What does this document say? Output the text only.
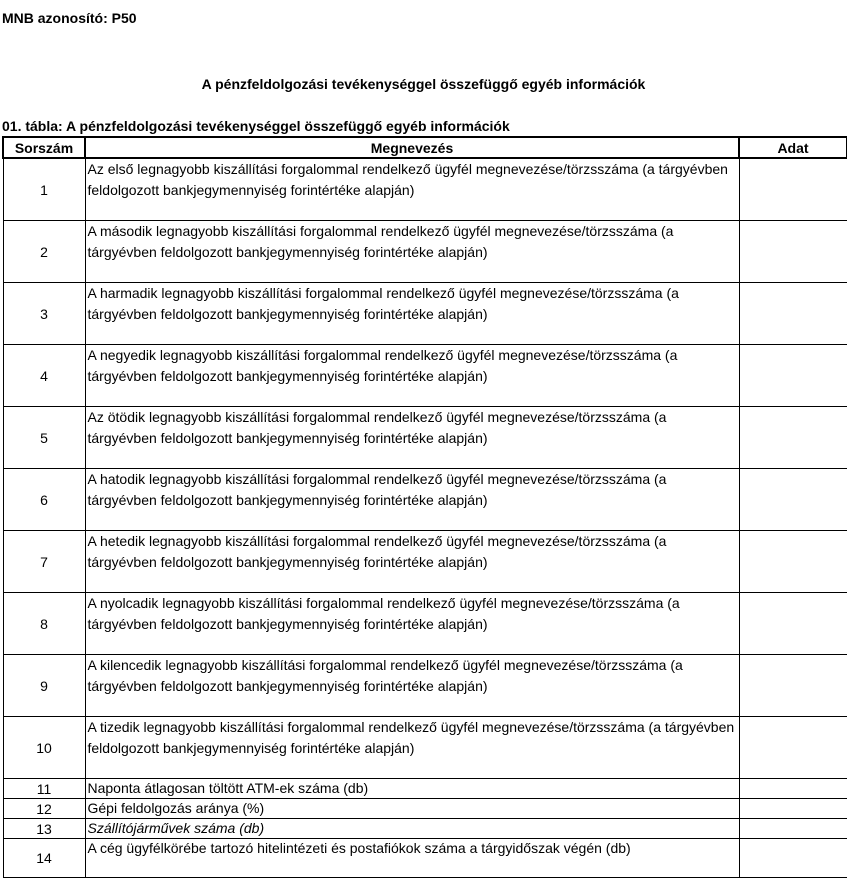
MNB azonosító: P50
A pénzfeldolgozási tevékenységgel összefüggő egyéb információk
01. tábla: A pénzfeldolgozási tevékenységgel összefüggő egyéb információk
Sorszám	Megnevezés	Adat
1	Az első legnagyobb kiszállítási forgalommal rendelkező ügyfél megnevezése/törzsszáma (a tárgyévben feldolgozott bankjegymennyiség forintértéke alapján)	
2	A második legnagyobb kiszállítási forgalommal rendelkező ügyfél megnevezése/törzsszáma (a tárgyévben feldolgozott bankjegymennyiség forintértéke alapján)	
3	A harmadik legnagyobb kiszállítási forgalommal rendelkező ügyfél megnevezése/törzsszáma (a tárgyévben feldolgozott bankjegymennyiség forintértéke alapján)	
4	A negyedik legnagyobb kiszállítási forgalommal rendelkező ügyfél megnevezése/törzsszáma (a tárgyévben feldolgozott bankjegymennyiség forintértéke alapján)	
5	Az ötödik legnagyobb kiszállítási forgalommal rendelkező ügyfél megnevezése/törzsszáma (a tárgyévben feldolgozott bankjegymennyiség forintértéke alapján)	
6	A hatodik legnagyobb kiszállítási forgalommal rendelkező ügyfél megnevezése/törzsszáma (a tárgyévben feldolgozott bankjegymennyiség forintértéke alapján)	
7	A hetedik legnagyobb kiszállítási forgalommal rendelkező ügyfél megnevezése/törzsszáma (a tárgyévben feldolgozott bankjegymennyiség forintértéke alapján)	
8	A nyolcadik legnagyobb kiszállítási forgalommal rendelkező ügyfél megnevezése/törzsszáma (a tárgyévben feldolgozott bankjegymennyiség forintértéke alapján)	
9	A kilencedik legnagyobb kiszállítási forgalommal rendelkező ügyfél megnevezése/törzsszáma (a tárgyévben feldolgozott bankjegymennyiség forintértéke alapján)	
10	A tizedik legnagyobb kiszállítási forgalommal rendelkező ügyfél megnevezése/törzsszáma (a tárgyévben feldolgozott bankjegymennyiség forintértéke alapján)	
11	Naponta átlagosan töltött ATM-ek száma (db)	
12	Gépi feldolgozás aránya (%)	
13	Szállítójárművek száma (db)	
14	A cég ügyfélkörébe tartozó hitelintézeti és postafiókok száma a tárgyidőszak végén (db)	
